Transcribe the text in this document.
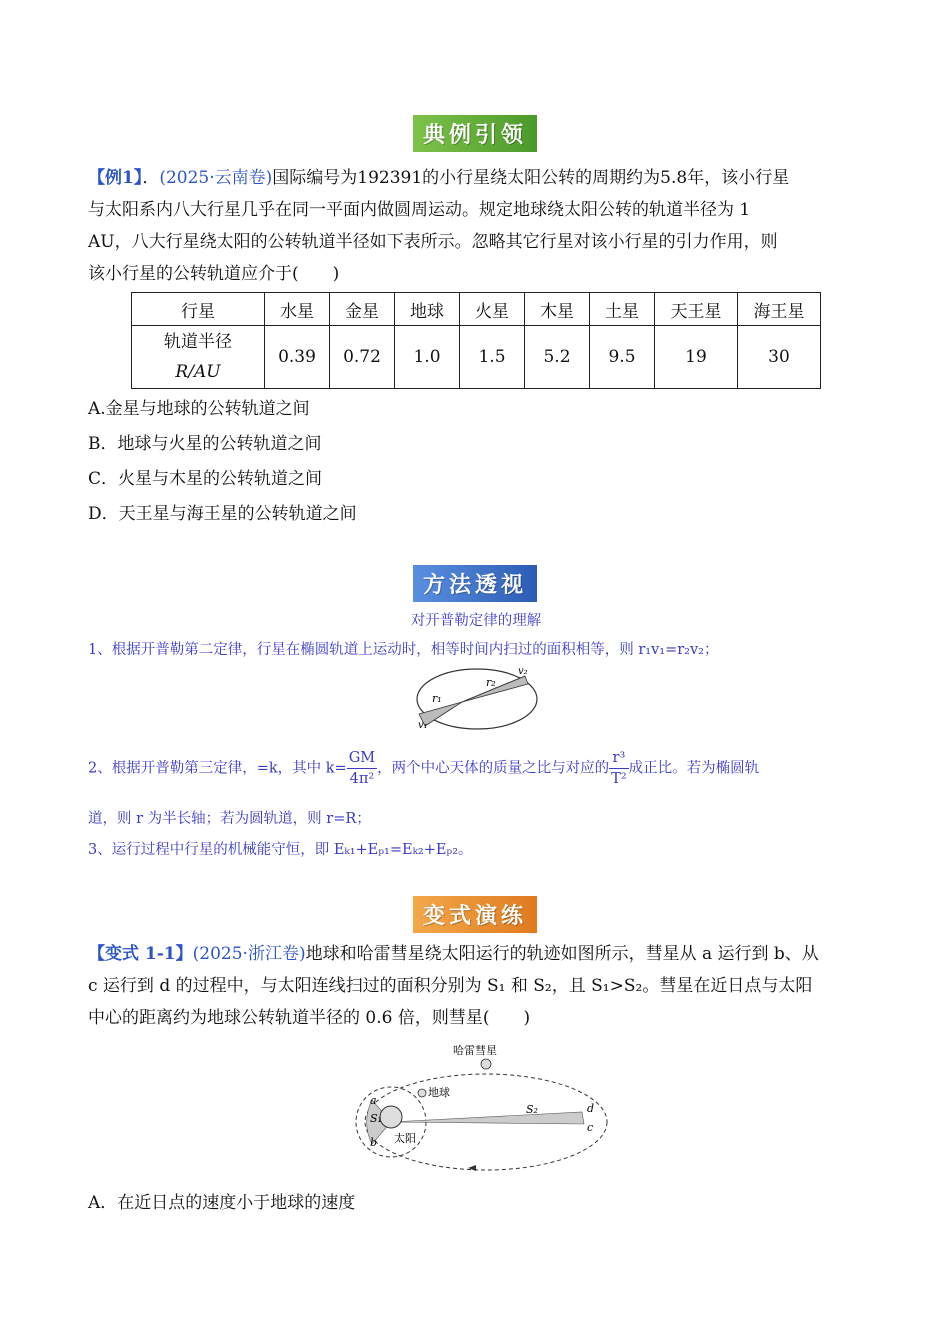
典例引领
【例1】．(2025·云南卷)国际编号为192391的小行星绕太阳公转的周期约为5.8年，该小行星
与太阳系内八大行星几乎在同一平面内做圆周运动。规定地球绕太阳公转的轨道半径为 1
AU，八大行星绕太阳的公转轨道半径如下表所示。忽略其它行星对该小行星的引力作用，则
该小行星的公转轨道应介于(　　)
行星	水星	金星	地球	火星	木星	土星	天王星	海王星

轨道半径
R/AU	0.39	0.72	1.0	1.5	5.2	9.5	19	30
A.金星与地球的公转轨道之间
B．地球与火星的公转轨道之间
C．火星与木星的公转轨道之间
D．天王星与海王星的公转轨道之间
方法透视
对开普勒定律的理解
1、根据开普勒第二定律，行星在椭圆轨道上运动时，相等时间内扫过的面积相等，则 r₁v₁=r₂v₂；
r₁
r₂
v₂
v₁
2、根据开普勒第三定律，=k，其中 $k= \frac{GM}{\text{4π²}}$ ，两个中心天体的质量之比与对应的 $\frac{\text{r³}}{\text{T²}}$ 成正比。若为椭圆轨
道，则 r 为半长轴；若为圆轨道，则 r=R；
3、运行过程中行星的机械能守恒，即 Eₖ₁+Eₚ₁=Eₖ₂+Eₚ₂。
变式演练
【变式 1-1】(2025·浙江卷)地球和哈雷彗星绕太阳运行的轨迹如图所示，彗星从 a 运行到 b、从
c 运行到 d 的过程中，与太阳连线扫过的面积分别为 S₁ 和 S₂，且 S₁>S₂。彗星在近日点与太阳
中心的距离约为地球公转轨道半径的 0.6 倍，则彗星(　　)
哈雷彗星
地球
太阳
S₁
S₂
a
b
c
d
A．在近日点的速度小于地球的速度
